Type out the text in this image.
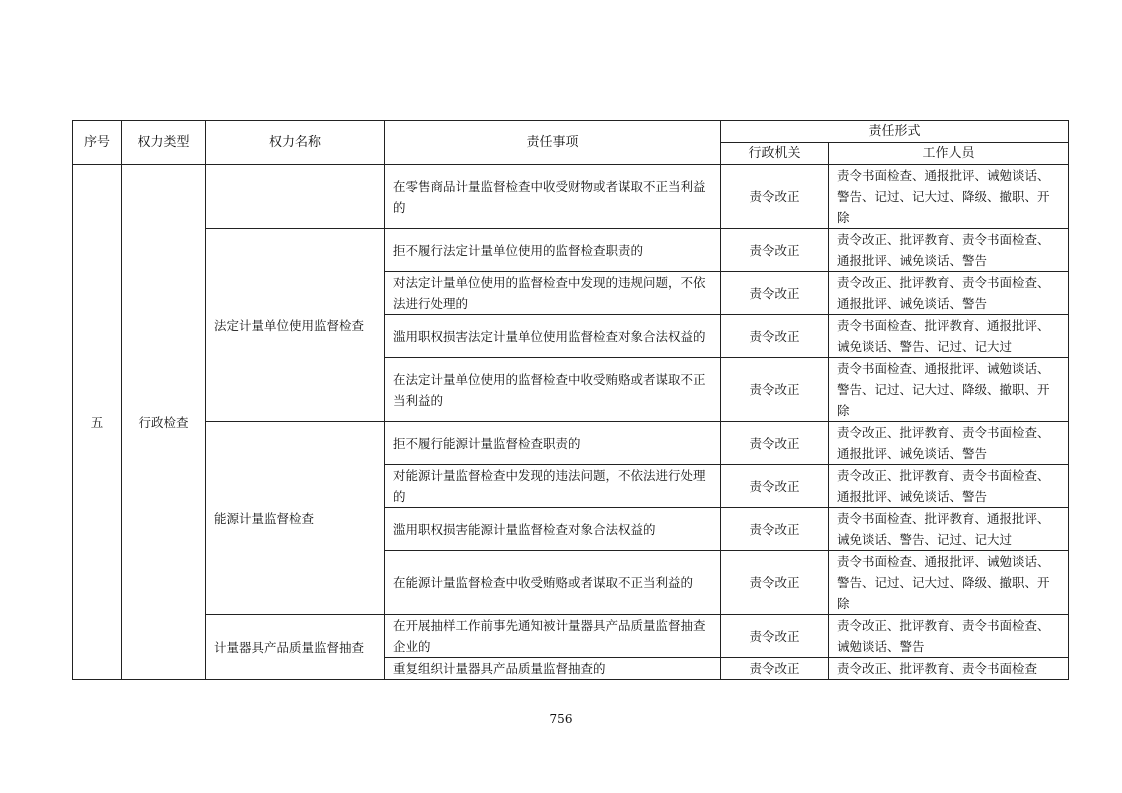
序号	权力类型	权力名称	责任事项	责任形式	
				行政机关	工作人员
五	行政检查		在零售商品计量监督检查中收受财物或者谋取不正当利益的	责令改正	责令书面检查、通报批评、诫勉谈话、警告、记过、记大过、降级、撤职、开除
		法定计量单位使用监督检查	拒不履行法定计量单位使用的监督检查职责的	责令改正	责令改正、批评教育、责令书面检查、通报批评、诫免谈话、警告
			对法定计量单位使用的监督检查中发现的违规问题，不依法进行处理的	责令改正	责令改正、批评教育、责令书面检查、通报批评、诫免谈话、警告
			滥用职权损害法定计量单位使用监督检查对象合法权益的	责令改正	责令书面检查、批评教育、通报批评、诫免谈话、警告、记过、记大过
			在法定计量单位使用的监督检查中收受贿赂或者谋取不正当利益的	责令改正	责令书面检查、通报批评、诫勉谈话、警告、记过、记大过、降级、撤职、开除
		能源计量监督检查	拒不履行能源计量监督检查职责的	责令改正	责令改正、批评教育、责令书面检查、通报批评、诫免谈话、警告
			对能源计量监督检查中发现的违法问题，不依法进行处理的	责令改正	责令改正、批评教育、责令书面检查、通报批评、诫免谈话、警告
			滥用职权损害能源计量监督检查对象合法权益的	责令改正	责令书面检查、批评教育、通报批评、诫免谈话、警告、记过、记大过
			在能源计量监督检查中收受贿赂或者谋取不正当利益的	责令改正	责令书面检查、通报批评、诫勉谈话、警告、记过、记大过、降级、撤职、开除
		计量器具产品质量监督抽查	在开展抽样工作前事先通知被计量器具产品质量监督抽查企业的	责令改正	责令改正、批评教育、责令书面检查、诫勉谈话、警告
			重复组织计量器具产品质量监督抽查的	责令改正	责令改正、批评教育、责令书面检查
756
